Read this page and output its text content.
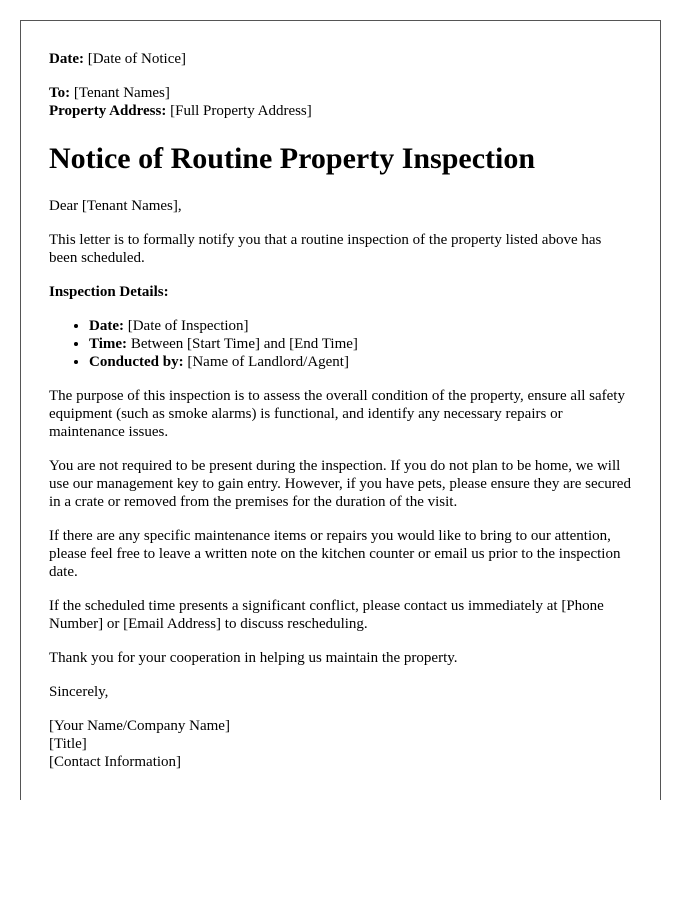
Date: [Date of Notice]

To: [Tenant Names]

Property Address: [Full Property Address]

Notice of Routine Property Inspection

Dear [Tenant Names],

This letter is to formally notify you that a routine inspection of the property listed above has been scheduled.

Inspection Details:

• Date: [Date of Inspection]
• Time: Between [Start Time] and [End Time]
• Conducted by: [Name of Landlord/Agent]

The purpose of this inspection is to assess the overall condition of the property, ensure all safety equipment (such as smoke alarms) is functional, and identify any necessary repairs or maintenance issues.

You are not required to be present during the inspection. If you do not plan to be home, we will use our management key to gain entry. However, if you have pets, please ensure they are secured in a crate or removed from the premises for the duration of the visit.

If there are any specific maintenance items or repairs you would like to bring to our attention, please feel free to leave a written note on the kitchen counter or email us prior to the inspection date.

If the scheduled time presents a significant conflict, please contact us immediately at [Phone Number] or [Email Address] to discuss rescheduling.

Thank you for your cooperation in helping us maintain the property.

Sincerely,

[Your Name/Company Name]

[Title]

[Contact Information]
